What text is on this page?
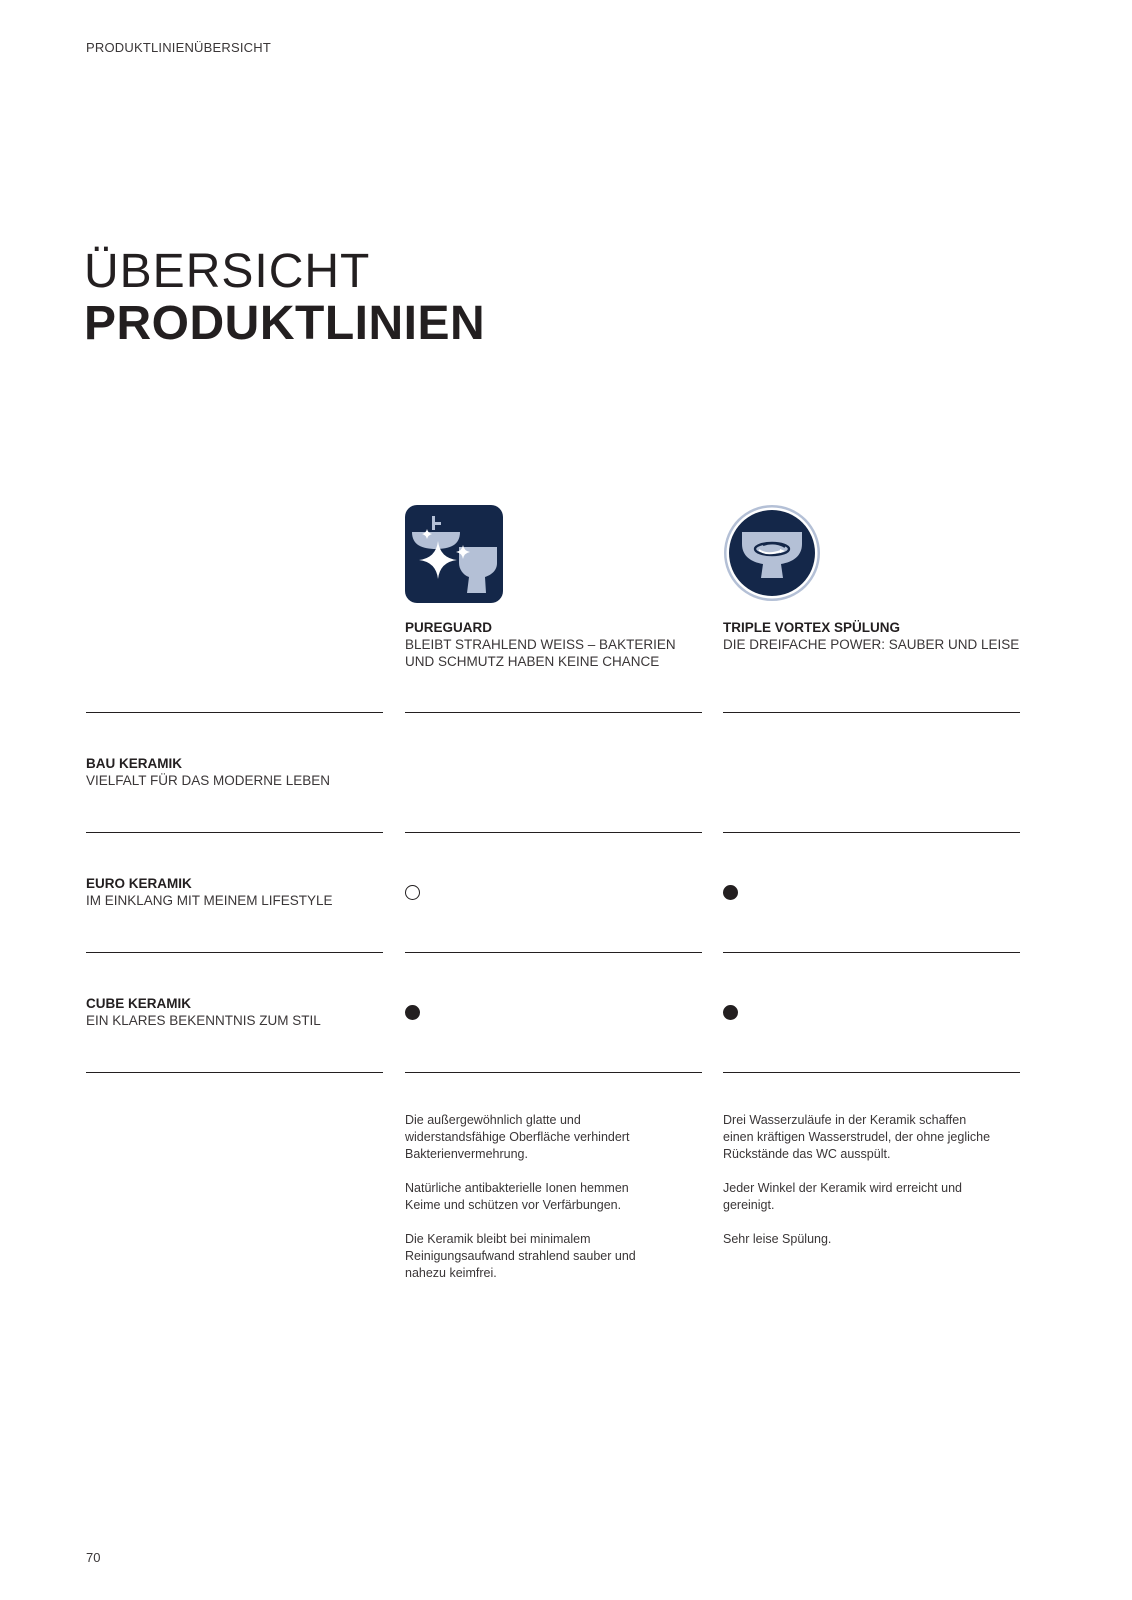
PRODUKTLINIENÜBERSICHT
ÜBERSICHT
PRODUKTLINIEN
PUREGUARD
BLEIBT STRAHLEND WEISS – BAKTERIEN
UND SCHMUTZ HABEN KEINE CHANCE
TRIPLE VORTEX SPÜLUNG
DIE DREIFACHE POWER: SAUBER UND LEISE
BAU KERAMIK
VIELFALT FÜR DAS MODERNE LEBEN
EURO KERAMIK
IM EINKLANG MIT MEINEM LIFESTYLE
CUBE KERAMIK
EIN KLARES BEKENNTNIS ZUM STIL

Die außergewöhnlich glatte und widerstandsfähige Oberfläche verhindert Bakterienvermehrung.

Natürliche antibakterielle Ionen hemmen Keime und schützen vor Verfärbungen.

Die Keramik bleibt bei minimalem Reinigungsaufwand strahlend sauber und nahezu keimfrei.

Drei Wasserzuläufe in der Keramik schaffen einen kräftigen Wasserstrudel, der ohne jegliche Rückstände das WC ausspült.

Jeder Winkel der Keramik wird erreicht und gereinigt.

Sehr leise Spülung.

70
